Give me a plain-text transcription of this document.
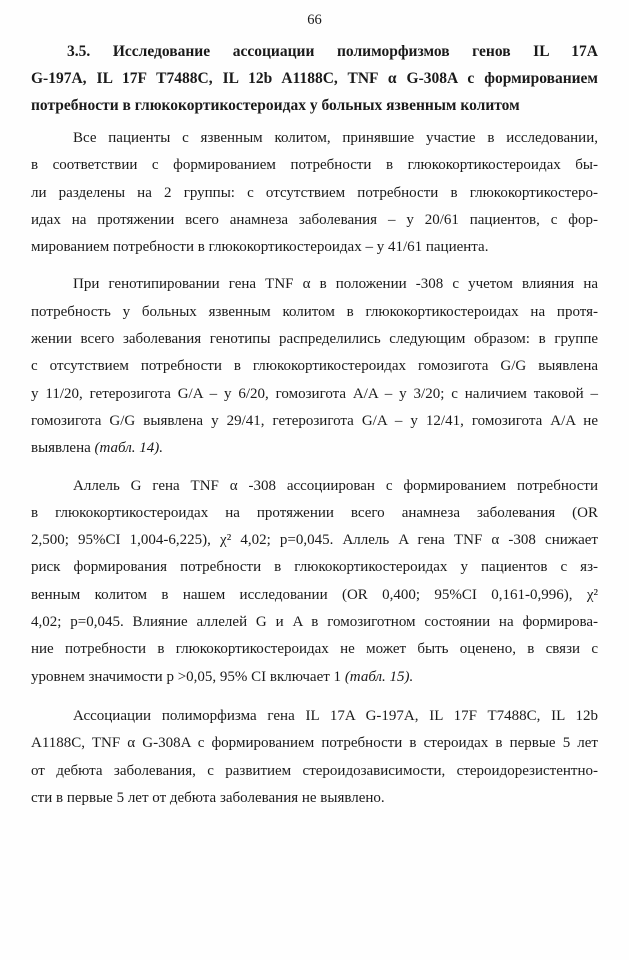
66
3.5. Исследование ассоциации полиморфизмов генов IL 17A
G-197A, IL 17F T7488C, IL 12b A1188C, TNF α G-308A с формированием
потребности в глюкокортикостероидах у больных язвенным колитом

Все пациенты с язвенным колитом, принявшие участие в исследовании,
в соответствии с формированием потребности в глюкокортикостероидах бы-
ли разделены на 2 группы: с отсутствием потребности в глюкокортикостеро-
идах на протяжении всего анамнеза заболевания – у 20/61 пациентов, с фор-
мированием потребности в глюкокортикостероидах – у 41/61 пациента.

При генотипировании гена TNF α в положении -308 с учетом влияния на
потребность у больных язвенным колитом в глюкокортикостероидах на протя-
жении всего заболевания генотипы распределились следующим образом: в группе
с отсутствием потребности в глюкокортикостероидах гомозигота G/G выявлена
у 11/20, гетерозигота G/A – у 6/20, гомозигота A/A – у 3/20; с наличием таковой –
гомозигота G/G выявлена у 29/41, гетерозигота G/A – у 12/41, гомозигота A/A не
выявлена (табл. 14).

Аллель G гена TNF α -308 ассоциирован с формированием потребности
в глюкокортикостероидах на протяжении всего анамнеза заболевания (OR
2,500; 95%CI 1,004-6,225), χ² 4,02; p=0,045. Аллель A гена TNF α -308 снижает
риск формирования потребности в глюкокортикостероидах у пациентов с яз-
венным колитом в нашем исследовании (OR 0,400; 95%CI 0,161-0,996), χ²
4,02; p=0,045. Влияние аллелей G и A в гомозиготном состоянии на формирова-
ние потребности в глюкокортикостероидах не может быть оценено, в связи с
уровнем значимости p >0,05, 95% CI включает 1 (табл. 15).

Ассоциации полиморфизма гена IL 17A G-197A, IL 17F T7488C, IL 12b
A1188C, TNF α G-308A с формированием потребности в стероидах в первые 5 лет
от дебюта заболевания, с развитием стероидозависимости, стероидорезистентно-
сти в первые 5 лет от дебюта заболевания не выявлено.
